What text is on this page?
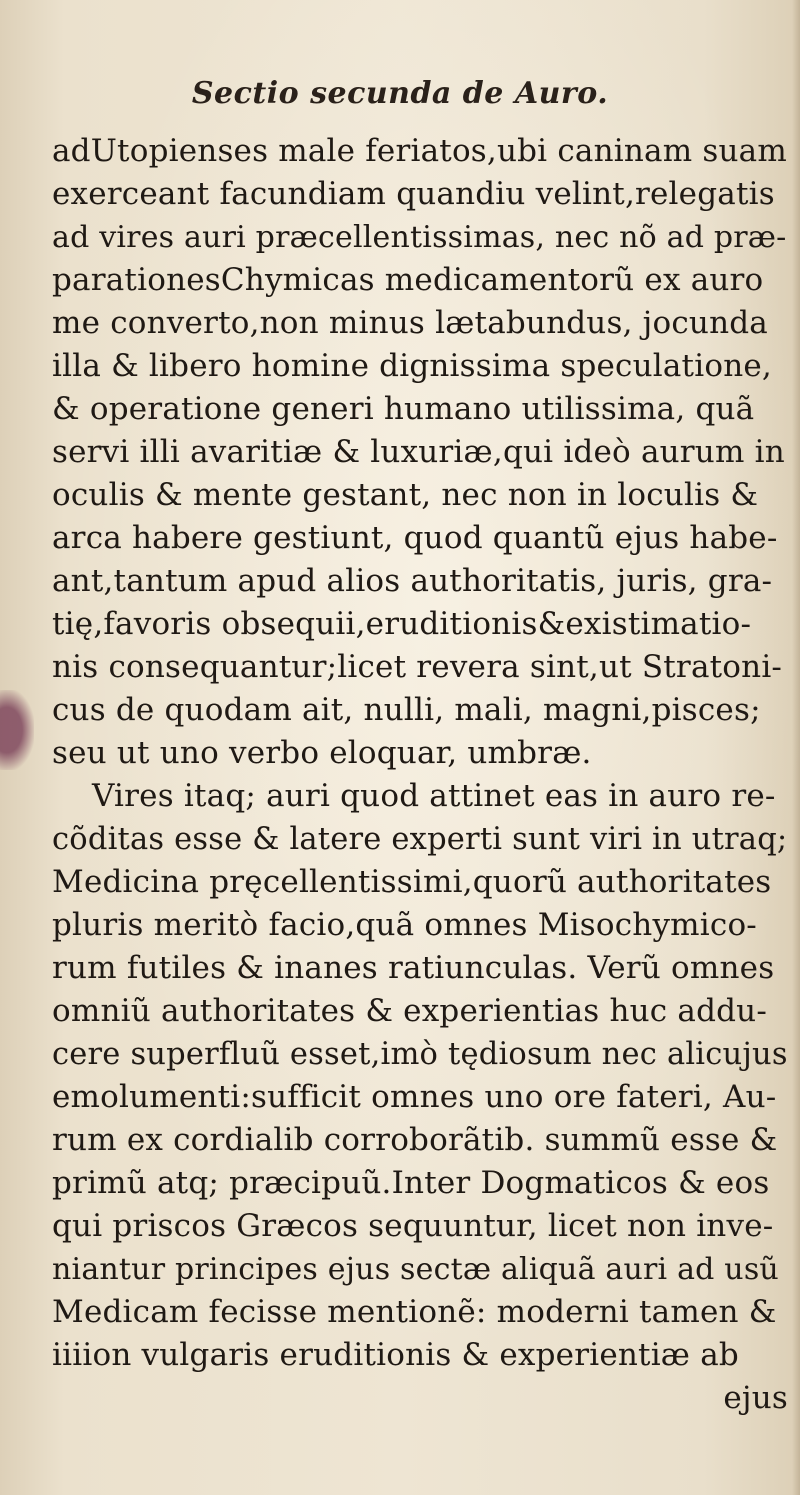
Sectio secunda de Auro.
adUtopienses male feriatos,ubi caninam suam
exerceant facundiam quandiu velint,relegatis
ad vires auri præcellentissimas, nec nõ ad præ-
parationesChymicas medicamentorũ ex auro
me converto,non minus lætabundus, jocunda
illa & libero homine dignissima speculatione,
& operatione generi humano utilissima, quã
servi illi avaritiæ & luxuriæ,qui ideò aurum in
oculis & mente gestant, nec non in loculis &
arca habere gestiunt, quod quantũ ejus habe-
ant,tantum apud alios authoritatis, juris, gra-
tię,favoris obsequii,eruditionis&existimatio-
nis consequantur;licet revera sint,ut Stratoni-
cus de quodam ait, nulli, mali, magni,pisces;
seu ut uno verbo eloquar, umbræ.
Vires itaq; auri quod attinet eas in auro re-
cõditas esse & latere experti sunt viri in utraq;
Medicina pręcellentissimi,quorũ authoritates
pluris meritò facio,quã omnes Misochymico-
rum futiles & inanes ratiunculas. Verũ omnes
omniũ authoritates & experientias huc addu-
cere superfluũ esset,imò tędiosum nec alicujus
emolumenti:sufficit omnes uno ore fateri, Au-
rum ex cordialib corroborãtib. summũ esse &
primũ atq; præcipuũ.Inter Dogmaticos & eos
qui priscos Græcos sequuntur, licet non inve-
niantur principes ejus sectæ aliquã auri ad usũ
Medicam fecisse mentionẽ: moderni tamen &
iiiion vulgaris eruditionis & experientiæ ab
ejus
